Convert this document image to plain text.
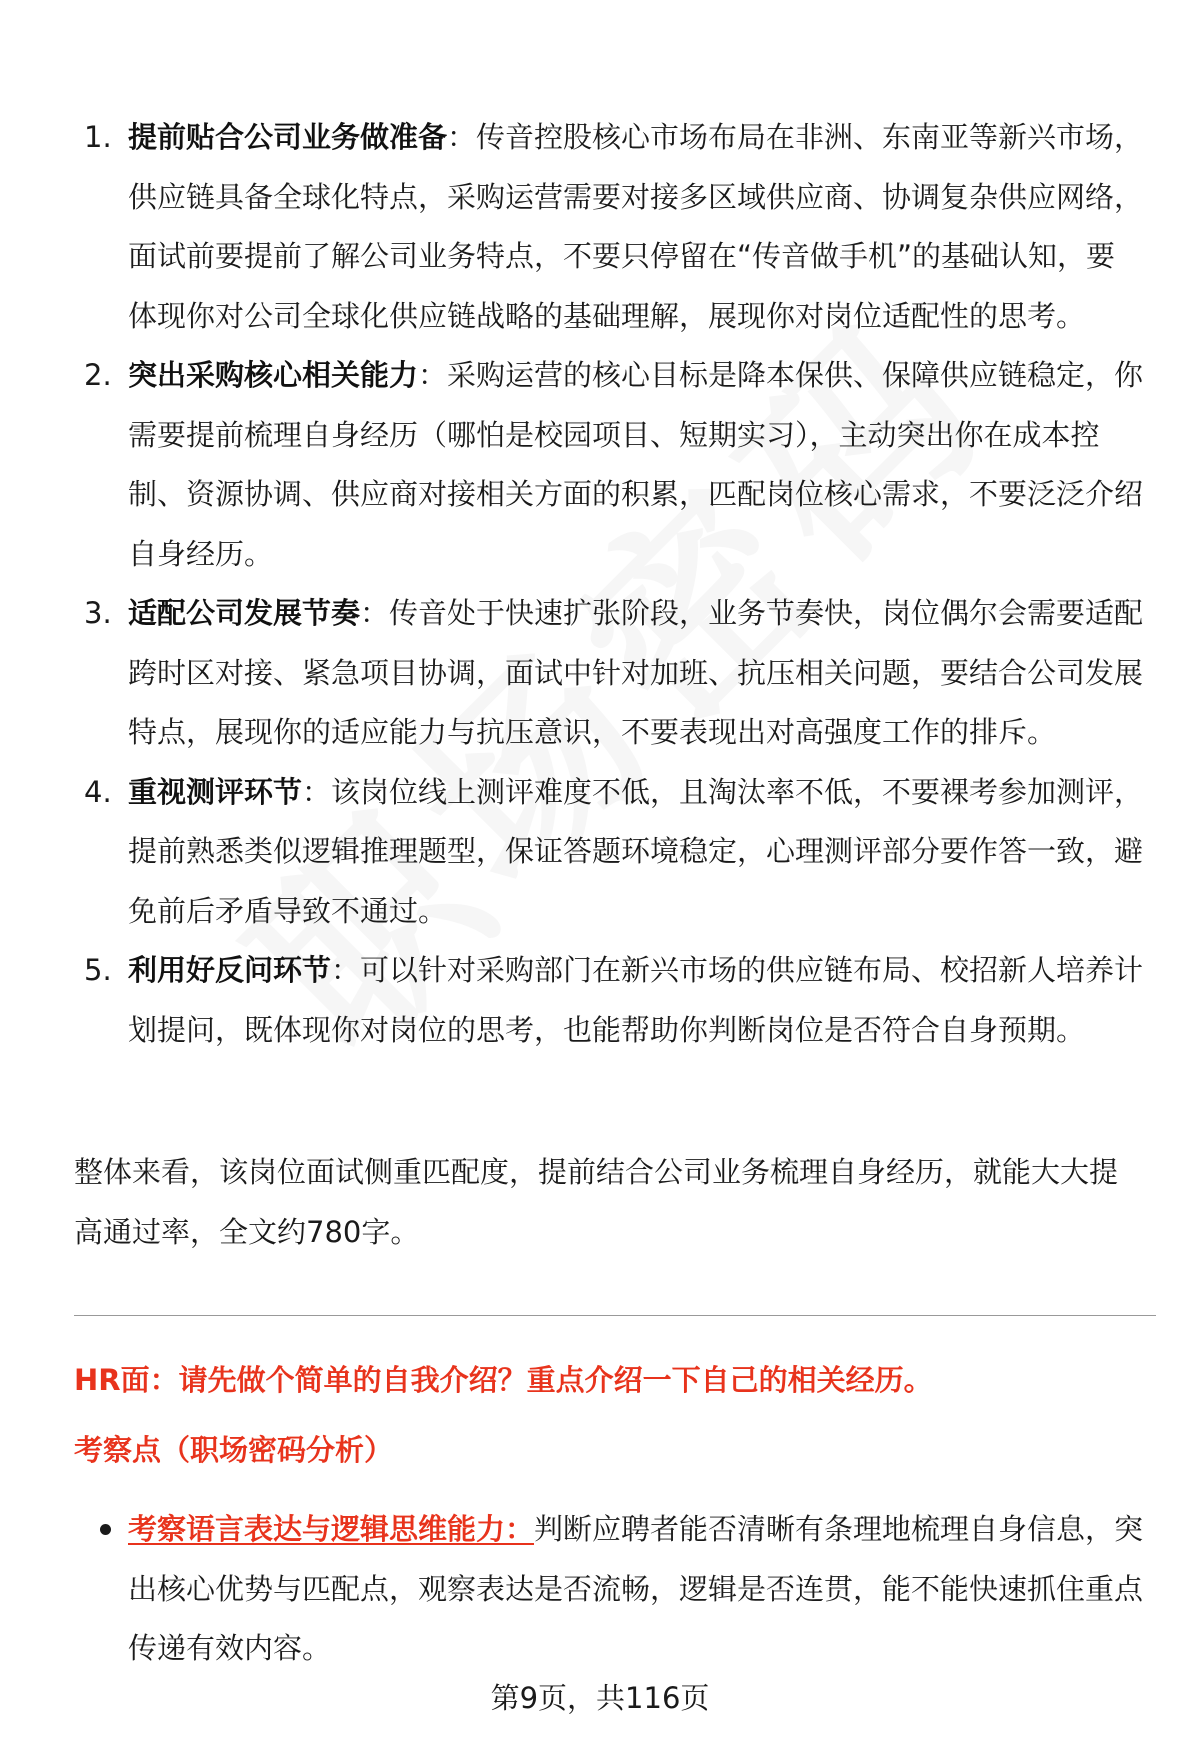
1. 提前贴合公司业务做准备：传音控股核心市场布局在非洲、东南亚等新兴市场，供应链具备全球化特点，采购运营需要对接多区域供应商、协调复杂供应网络，面试前要提前了解公司业务特点，不要只停留在“传音做手机”的基础认知，要体现你对公司全球化供应链战略的基础理解，展现你对岗位适配性的思考。
2. 突出采购核心相关能力：采购运营的核心目标是降本保供、保障供应链稳定，你需要提前梳理自身经历（哪怕是校园项目、短期实习），主动突出你在成本控制、资源协调、供应商对接相关方面的积累，匹配岗位核心需求，不要泛泛介绍自身经历。
3. 适配公司发展节奏：传音处于快速扩张阶段，业务节奏快，岗位偶尔会需要适配跨时区对接、紧急项目协调，面试中针对加班、抗压相关问题，要结合公司发展特点，展现你的适应能力与抗压意识，不要表现出对高强度工作的排斥。
4. 重视测评环节：该岗位线上测评难度不低，且淘汰率不低，不要裸考参加测评，提前熟悉类似逻辑推理题型，保证答题环境稳定，心理测评部分要作答一致，避免前后矛盾导致不通过。
5. 利用好反问环节：可以针对采购部门在新兴市场的供应链布局、校招新人培养计划提问，既体现你对岗位的思考，也能帮助你判断岗位是否符合自身预期。

整体来看，该岗位面试侧重匹配度，提前结合公司业务梳理自身经历，就能大大提高通过率，全文约780字。

HR面：请先做个简单的自我介绍？重点介绍一下自己的相关经历。

考察点（职场密码分析）

考察语言表达与逻辑思维能力：判断应聘者能否清晰有条理地梳理自身信息，突出核心优势与匹配点，观察表达是否流畅，逻辑是否连贯，能不能快速抓住重点传递有效内容。
第9页，共116页
